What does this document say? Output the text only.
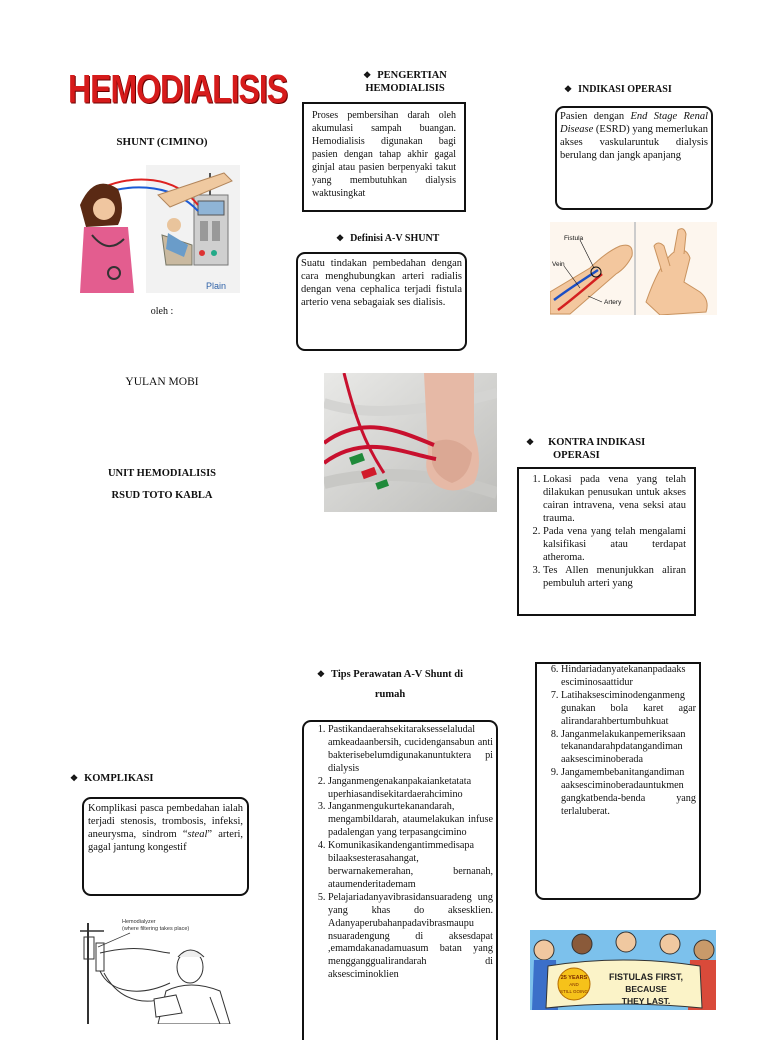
HEMODIALISIS
SHUNT (CIMINO)
Plain
oleh :
YULAN MOBI
UNIT HEMODIALISIS
RSUD TOTO KABLA
❖ KOMPLIKASI
Komplikasi pasca pembedahan ialah terjadi stenosis, trombosis, infeksi, aneurysma, sindrom “steal” arteri, gagal jantung kongestif
Hemodialyzer
(where filtering takes place)
❖ PENGERTIAN
HEMODIALISIS
Proses pembersihan darah oleh akumulasi sampah buangan. Hemodialisis digunakan bagi pasien dengan tahap akhir gagal ginjal atau pasien berpenyaki takut yang membutuhkan dialysis waktusingkat
❖ Definisi A-V SHUNT
Suatu tindakan pembedahan dengan cara menghubungkan arteri radialis dengan vena cephalica terjadi fistula arterio vena sebagaiak ses dialisis.
❖ Tips Perawatan A-V Shunt di
rumah
1. Pastikandaerahsekitaraksesselaludal amkeadaanbersih, cucidengansabun anti bakterisebelumdigunakanuntuktera pi dialysis
2. Janganmengenakanpakaianketatata uperhiasandisekitardaerahcimino
3. Janganmengukurtekanandarah, mengambildarah, ataumelakukan infuse padalengan yang terpasangcimino
4. Komunikasikandengantimmedisapa bilaaksesterasahangat, berwarnakemerahan, bernanah, ataumenderitademam
5. Pelajariadanyavibrasidansuaradeng ung yang khas do aksesklien. Adanyaperubahanpadavibrasmaupu nsuaradengung di aksesdapat ,emamdakanadamuasum batan yang mengganggualirandarah di aksesciminoklien
❖ INDIKASI OPERASI
Pasien dengan End Stage Renal Disease (ESRD) yang memerlukan akses vaskularuntuk dialysis berulang dan jangk apanjang
Fistula
Vein
Artery
❖ KONTRA INDIKASI
OPERASI
1. Lokasi pada vena yang telah dilakukan penusukan untuk akses cairan intravena, vena seksi atau trauma.
2. Pada vena yang telah mengalami kalsifikasi atau terdapat atheroma.
3. Tes Allen menunjukkan aliran pembuluh arteri yang
6. Hindariadanyatekananpadaaks esciminosaattidur
7. Latihaksesciminodenganmeng gunakan bola karet agar alirandarahbertumbuhkuat
8. Janganmelakukanpemeriksaan tekanandarahpdatangandiman aaksesciminoberada
9. Jangamembebanitangandiman aaksesciminoberadauntukmen gangkatbenda-benda yang terlaluberat.
25 YEARS
AND
STILL GOING
FISTULAS FIRST,
BECAUSE
THEY LAST.
